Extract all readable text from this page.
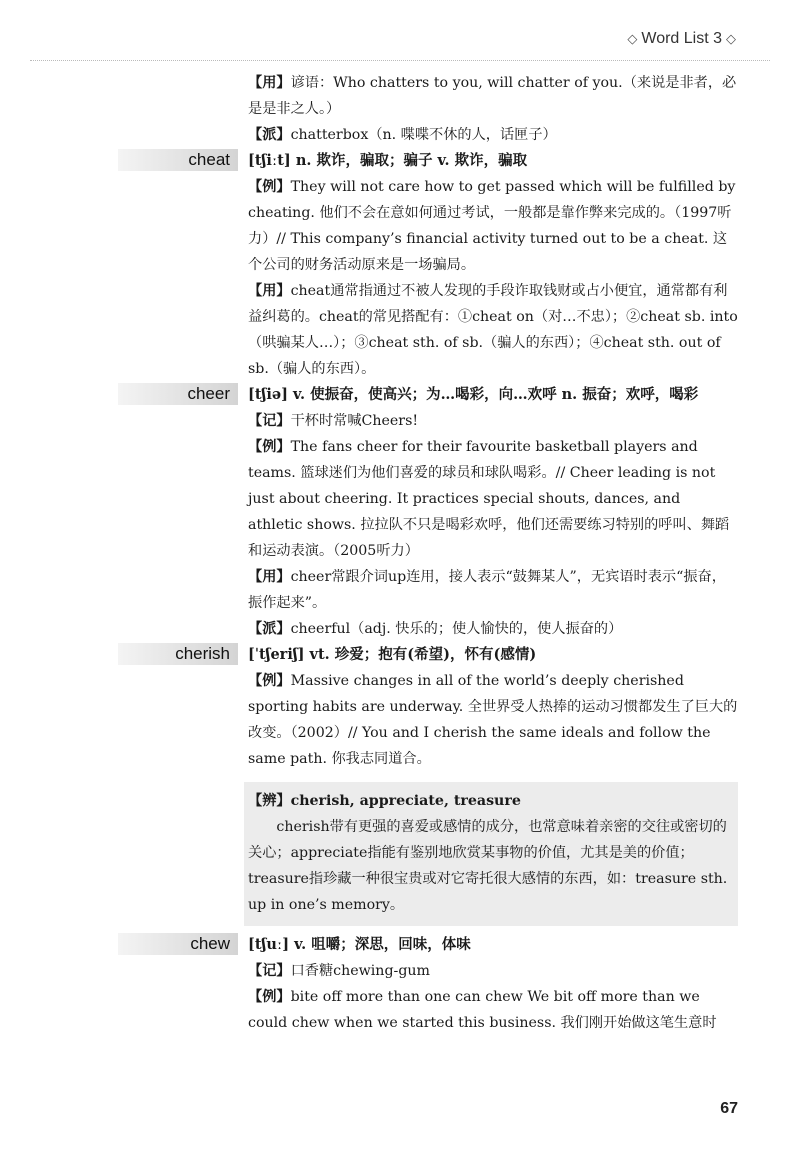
◇ Word List 3 ◇

【用】谚语：Who chatters to you, will chatter of you.（来说是非者，必是是非之人。）

【派】chatterbox（n. 喋喋不休的人，话匣子）

cheat	[tʃiːt] n. 欺诈，骗取；骗子 v. 欺诈，骗取

【例】They will not care how to get passed which will be fulfilled by cheating. 他们不会在意如何通过考试，一般都是靠作弊来完成的。（1997听力）// This company’s financial activity turned out to be a cheat. 这个公司的财务活动原来是一场骗局。

【用】cheat通常指通过不被人发现的手段诈取钱财或占小便宜，通常都有利益纠葛的。cheat的常见搭配有：①cheat on（对…不忠）；②cheat sb. into（哄骗某人…）；③cheat sth. of sb.（骗人的东西）；④cheat sth. out of sb.（骗人的东西）。

cheer	[tʃiə] v. 使振奋，使高兴；为…喝彩，向…欢呼 n. 振奋；欢呼，喝彩

【记】干杯时常喊Cheers!

【例】The fans cheer for their favourite basketball players and teams. 篮球迷们为他们喜爱的球员和球队喝彩。// Cheer leading is not just about cheering. It practices special shouts, dances, and athletic shows. 拉拉队不只是喝彩欢呼，他们还需要练习特别的呼叫、舞蹈和运动表演。（2005听力）

【用】cheer常跟介词up连用，接人表示“鼓舞某人”，无宾语时表示“振奋，振作起来”。

【派】cheerful（adj. 快乐的；使人愉快的，使人振奋的）

cherish	[ˈtʃeriʃ] vt. 珍爱；抱有(希望)，怀有(感情)

【例】Massive changes in all of the world’s deeply cherished sporting habits are underway. 全世界受人热捧的运动习惯都发生了巨大的改变。（2002）// You and I cherish the same ideals and follow the same path. 你我志同道合。

【辨】cherish, appreciate, treasure

cherish带有更强的喜爱或感情的成分，也常意味着亲密的交往或密切的关心；appreciate指能有鉴别地欣赏某事物的价值，尤其是美的价值；treasure指珍藏一种很宝贵或对它寄托很大感情的东西，如：treasure sth. up in one’s memory。

chew	[tʃuː] v. 咀嚼；深思，回味，体味

【记】口香糖chewing-gum

【例】bite off more than one can chew We bit off more than we could chew when we started this business. 我们刚开始做这笔生意时

67
